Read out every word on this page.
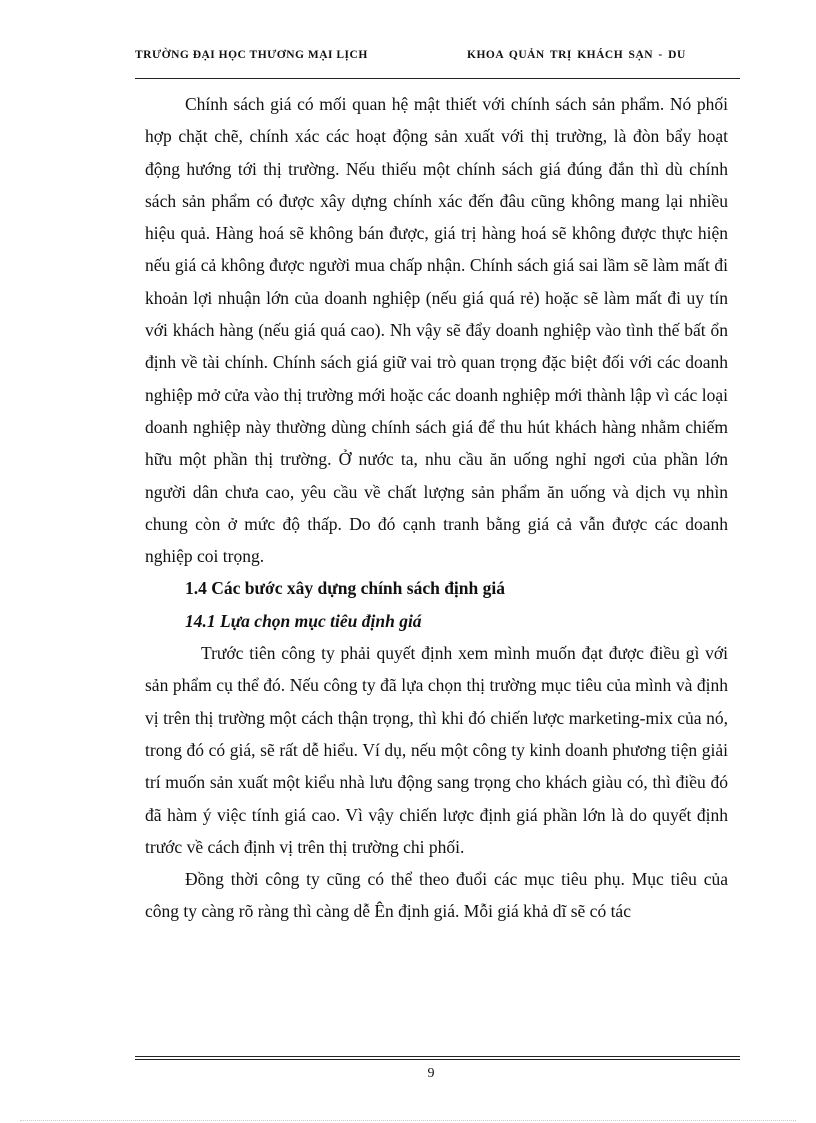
TRƯỜNG ĐẠI HỌC THƯƠNG MẠI LỊCH	KHOA QUẢN TRỊ KHÁCH SẠN - DU

Chính sách giá có mối quan hệ mật thiết với chính sách sản phẩm. Nó phối hợp chặt chẽ, chính xác các hoạt động sản xuất với thị trường, là đòn bẩy hoạt động hướng tới thị trường. Nếu thiếu một chính sách giá đúng đắn thì dù chính sách sản phẩm có được xây dựng chính xác đến đâu cũng không mang lại nhiều hiệu quả. Hàng hoá sẽ không bán được, giá trị hàng hoá sẽ không được thực hiện nếu giá cả không được người mua chấp nhận. Chính sách giá sai lầm sẽ làm mất đi khoản lợi nhuận lớn của doanh nghiệp (nếu giá quá rẻ) hoặc sẽ làm mất đi uy tín với khách hàng (nếu giá quá cao). Nh vậy sẽ đẩy doanh nghiệp vào tình thế bất ổn định về tài chính. Chính sách giá giữ vai trò quan trọng đặc biệt đối với các doanh nghiệp mở cửa vào thị trường mới hoặc các doanh nghiệp mới thành lập vì các loại doanh nghiệp này thường dùng chính sách giá để thu hút khách hàng nhằm chiếm hữu một phần thị trường. Ở nước ta, nhu cầu ăn uống nghỉ ngơi của phần lớn người dân chưa cao, yêu cầu về chất lượng sản phẩm ăn uống và dịch vụ nhìn chung còn ở mức độ thấp. Do đó cạnh tranh bằng giá cả vẫn được các doanh nghiệp coi trọng.

1.4 Các bước xây dựng chính sách định giá

14.1 Lựa chọn mục tiêu định giá

Trước tiên công ty phải quyết định xem mình muốn đạt được điều gì với sản phẩm cụ thể đó. Nếu công ty đã lựa chọn thị trường mục tiêu của mình và định vị trên thị trường một cách thận trọng, thì khi đó chiến lược marketing-mix của nó, trong đó có giá, sẽ rất dễ hiểu. Ví dụ, nếu một công ty kinh doanh phương tiện giải trí muốn sản xuất một kiểu nhà lưu động sang trọng cho khách giàu có, thì điều đó đã hàm ý việc tính giá cao. Vì vậy chiến lược định giá phần lớn là do quyết định trước về cách định vị trên thị trường chi phối.

Đồng thời công ty cũng có thể theo đuổi các mục tiêu phụ. Mục tiêu của công ty càng rõ ràng thì càng dễ Ên định giá. Mỗi giá khả dĩ sẽ có tác

9
